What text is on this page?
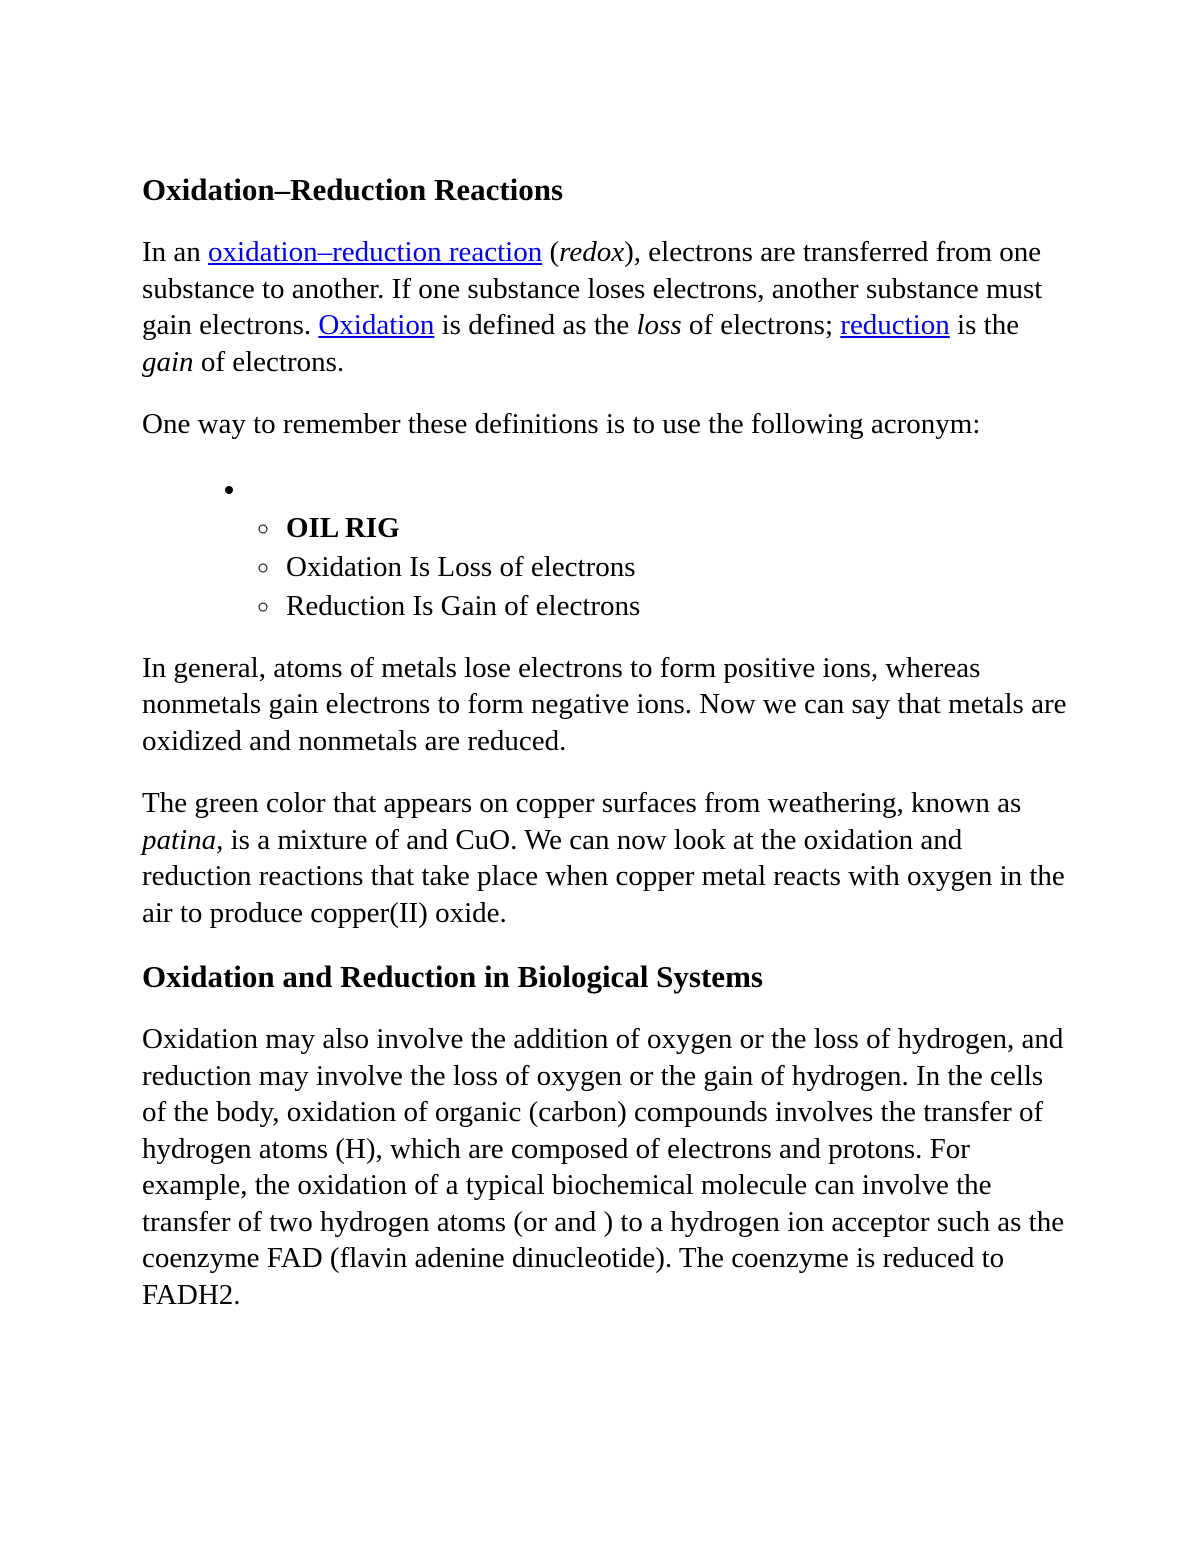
Oxidation–Reduction Reactions

In an oxidation–reduction reaction (redox), electrons are transferred from one substance to another. If one substance loses electrons, another substance must gain electrons. Oxidation is defined as the loss of electrons; reduction is the gain of electrons.

One way to remember these definitions is to use the following acronym:

◦ • OIL RIG
◦ Oxidation Is Loss of electrons
◦ Reduction Is Gain of electrons

In general, atoms of metals lose electrons to form positive ions, whereas nonmetals gain electrons to form negative ions. Now we can say that metals are oxidized and nonmetals are reduced.

The green color that appears on copper surfaces from weathering, known as patina, is a mixture of and CuO. We can now look at the oxidation and reduction reactions that take place when copper metal reacts with oxygen in the air to produce copper(II) oxide.

Oxidation and Reduction in Biological Systems

Oxidation may also involve the addition of oxygen or the loss of hydrogen, and reduction may involve the loss of oxygen or the gain of hydrogen. In the cells of the body, oxidation of organic (carbon) compounds involves the transfer of hydrogen atoms (H), which are composed of electrons and protons. For example, the oxidation of a typical biochemical molecule can involve the transfer of two hydrogen atoms (or and ) to a hydrogen ion acceptor such as the coenzyme FAD (flavin adenine dinucleotide). The coenzyme is reduced to FADH2.
